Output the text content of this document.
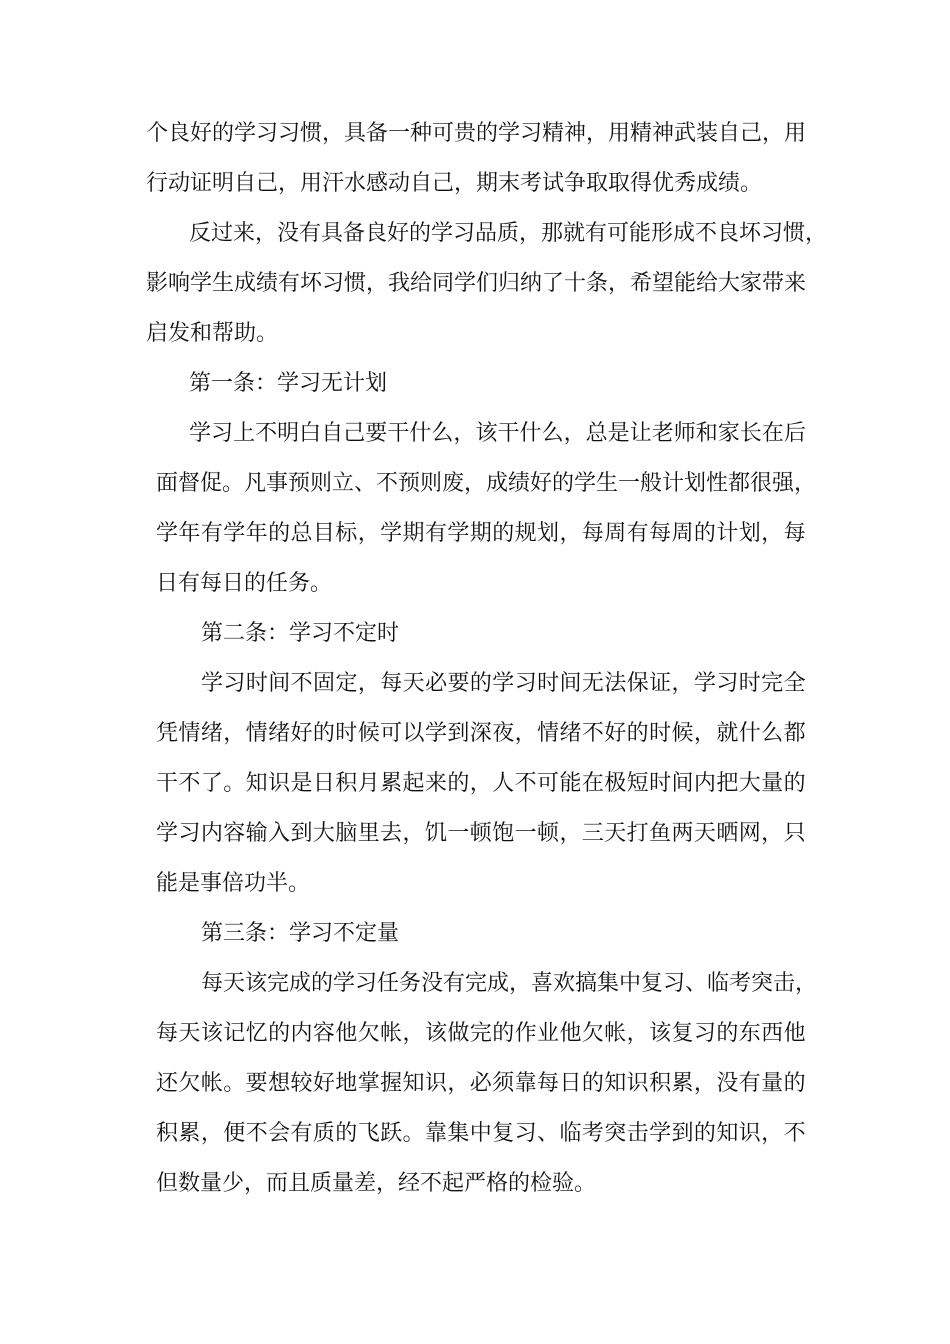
个良好的学习习惯，具备一种可贵的学习精神，用精神武装自己，用
行动证明自己，用汗水感动自己，期末考试争取取得优秀成绩。
反过来，没有具备良好的学习品质，那就有可能形成不良坏习惯，
影响学生成绩有坏习惯，我给同学们归纳了十条，希望能给大家带来
启发和帮助。
第一条：学习无计划
学习上不明白自己要干什么，该干什么，总是让老师和家长在后
面督促。凡事预则立、不预则废，成绩好的学生一般计划性都很强，
学年有学年的总目标，学期有学期的规划，每周有每周的计划，每
日有每日的任务。
第二条：学习不定时
学习时间不固定，每天必要的学习时间无法保证，学习时完全
凭情绪，情绪好的时候可以学到深夜，情绪不好的时候，就什么都
干不了。知识是日积月累起来的，人不可能在极短时间内把大量的
学习内容输入到大脑里去，饥一顿饱一顿，三天打鱼两天晒网，只
能是事倍功半。
第三条：学习不定量
每天该完成的学习任务没有完成，喜欢搞集中复习、临考突击，
每天该记忆的内容他欠帐，该做完的作业他欠帐，该复习的东西他
还欠帐。要想较好地掌握知识，必须靠每日的知识积累，没有量的
积累，便不会有质的飞跃。靠集中复习、临考突击学到的知识，不
但数量少，而且质量差，经不起严格的检验。
